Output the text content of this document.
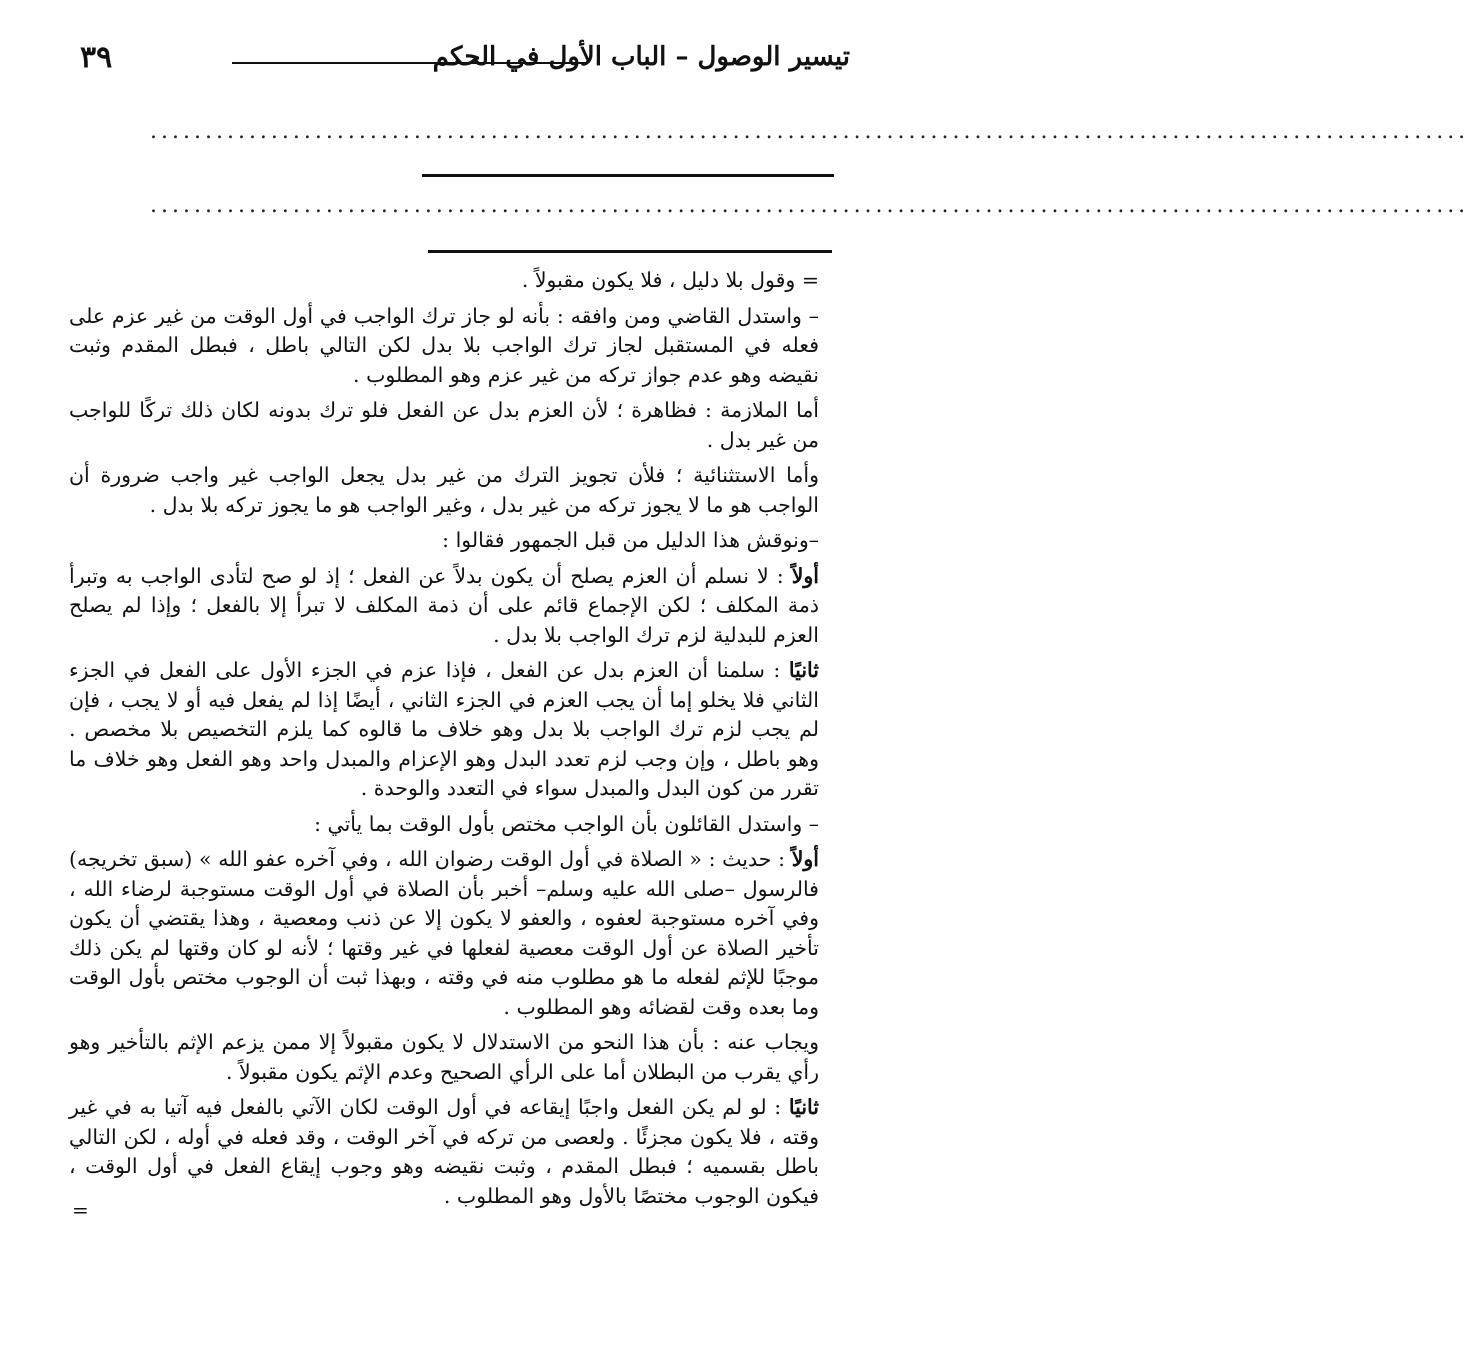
٣٩	تيسير الوصول – الباب الأول في الحكم
........................................................................................................................
........................................................................................................................

= وقول بلا دليل ، فلا يكون مقبولاً .

– واستدل القاضي ومن وافقه : بأنه لو جاز ترك الواجب في أول الوقت من غير عزم على فعله في المستقبل لجاز ترك الواجب بلا بدل لكن التالي باطل ، فبطل المقدم وثبت نقيضه وهو عدم جواز تركه من غير عزم وهو المطلوب .

أما الملازمة : فظاهرة ؛ لأن العزم بدل عن الفعل فلو ترك بدونه لكان ذلك تركًا للواجب من غير بدل .

وأما الاستثنائية ؛ فلأن تجويز الترك من غير بدل يجعل الواجب غير واجب ضرورة أن الواجب هو ما لا يجوز تركه من غير بدل ، وغير الواجب هو ما يجوز تركه بلا بدل .

–ونوقش هذا الدليل من قبل الجمهور فقالوا :

أولاً : لا نسلم أن العزم يصلح أن يكون بدلاً عن الفعل ؛ إذ لو صح لتأدى الواجب به وتبرأ ذمة المكلف ؛ لكن الإجماع قائم على أن ذمة المكلف لا تبرأ إلا بالفعل ؛ وإذا لم يصلح العزم للبدلية لزم ترك الواجب بلا بدل .

ثانيًا : سلمنا أن العزم بدل عن الفعل ، فإذا عزم في الجزء الأول على الفعل في الجزء الثاني فلا يخلو إما أن يجب العزم في الجزء الثاني ، أيضًا إذا لم يفعل فيه أو لا يجب ، فإن لم يجب لزم ترك الواجب بلا بدل وهو خلاف ما قالوه كما يلزم التخصيص بلا مخصص . وهو باطل ، وإن وجب لزم تعدد البدل وهو الإعزام والمبدل واحد وهو الفعل وهو خلاف ما تقرر من كون البدل والمبدل سواء في التعدد والوحدة .

– واستدل القائلون بأن الواجب مختص بأول الوقت بما يأتي :

أولاً : حديث : « الصلاة في أول الوقت رضوان الله ، وفي آخره عفو الله » (سبق تخريجه) فالرسول –صلى الله عليه وسلم– أخبر بأن الصلاة في أول الوقت مستوجبة لرضاء الله ، وفي آخره مستوجبة لعفوه ، والعفو لا يكون إلا عن ذنب ومعصية ، وهذا يقتضي أن يكون تأخير الصلاة عن أول الوقت معصية لفعلها في غير وقتها ؛ لأنه لو كان وقتها لم يكن ذلك موجبًا للإثم لفعله ما هو مطلوب منه في وقته ، وبهذا ثبت أن الوجوب مختص بأول الوقت وما بعده وقت لقضائه وهو المطلوب .

ويجاب عنه : بأن هذا النحو من الاستدلال لا يكون مقبولاً إلا ممن يزعم الإثم بالتأخير وهو رأي يقرب من البطلان أما على الرأي الصحيح وعدم الإثم يكون مقبولاً .

ثانيًا : لو لم يكن الفعل واجبًا إيقاعه في أول الوقت لكان الآتي بالفعل فيه آتيا به في غير وقته ، فلا يكون مجزئًا . ولعصى من تركه في آخر الوقت ، وقد فعله في أوله ، لكن التالي باطل بقسميه ؛ فبطل المقدم ، وثبت نقيضه وهو وجوب إيقاع الفعل في أول الوقت ، فيكون الوجوب مختصًا بالأول وهو المطلوب .

=
